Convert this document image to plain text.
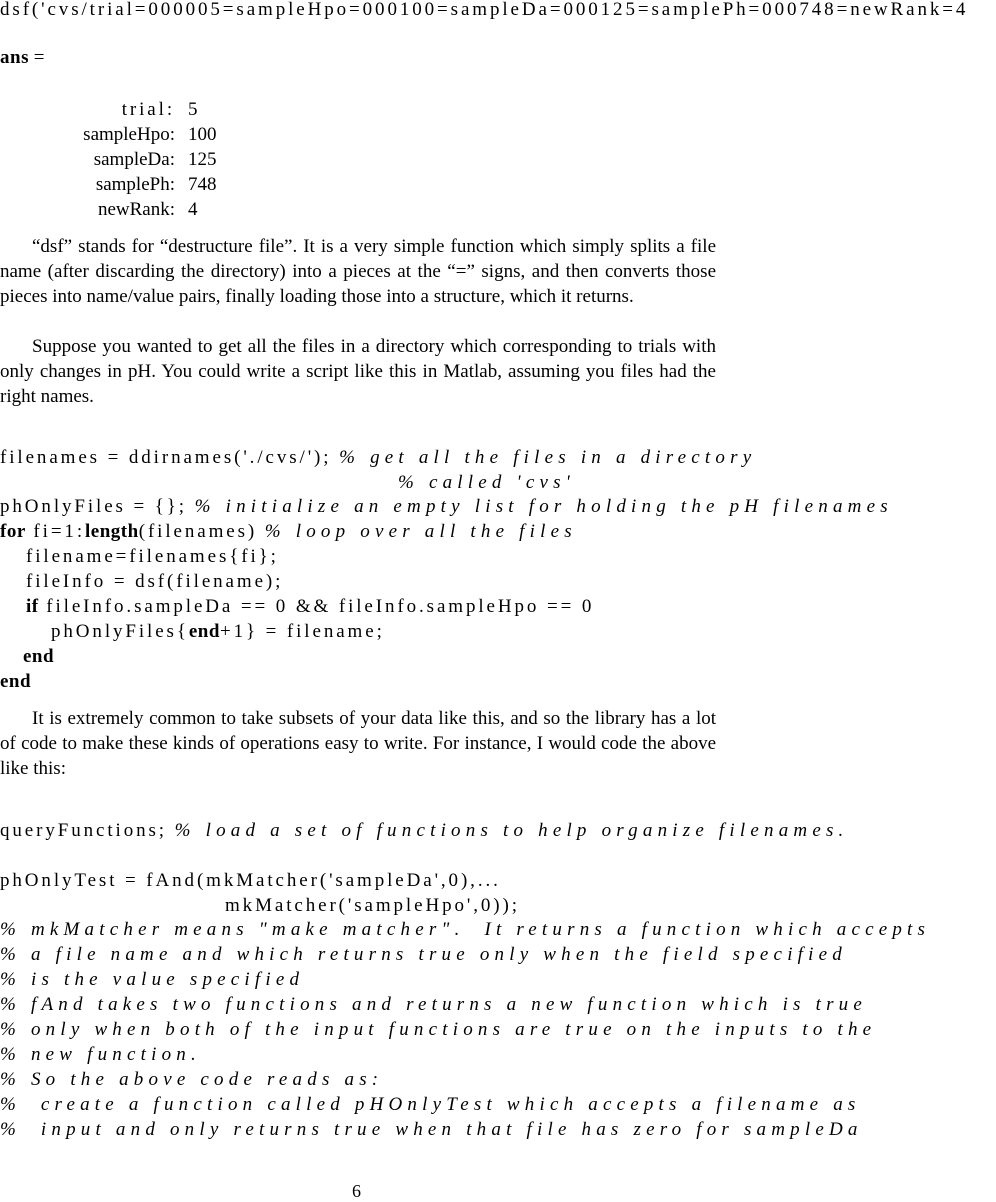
dsf('cvs/trial=000005=sampleHpo=000100=sampleDa=000125=samplePh=000748=newRank=4
ans =
trial: 5
sampleHpo: 100
sampleDa: 125
samplePh: 748
newRank: 4
“dsf” stands for “destructure file”. It is a very simple function which simply splits a file name (after discarding the directory) into a pieces at the “=” signs, and then converts those pieces into name/value pairs, finally loading those into a structure, which it returns.
Suppose you wanted to get all the files in a directory which corresponding to trials with only changes in pH. You could write a script like this in Matlab, assuming you files had the right names.
filenames = ddirnames('./cvs/'); % get all the files in a directory
% called 'cvs'
phOnlyFiles = {}; % initialize an empty list for holding the pH filenames
for fi=1:length(filenames) % loop over all the files
filename=filenames{fi};
fileInfo = dsf(filename);
if fileInfo.sampleDa == 0 && fileInfo.sampleHpo == 0
phOnlyFiles{end+1} = filename;
end
end
It is extremely common to take subsets of your data like this, and so the library has a lot of code to make these kinds of operations easy to write. For instance, I would code the above like this:
queryFunctions; % load a set of functions to help organize filenames.
phOnlyTest = fAnd(mkMatcher('sampleDa',0),...
mkMatcher('sampleHpo',0));
% mkMatcher means "make matcher".  It returns a function which accepts
% a file name and which returns true only when the field specified
% is the value specified
% fAnd takes two functions and returns a new function which is true
% only when both of the input functions are true on the inputs to the
% new function.
% So the above code reads as:
%  create a function called pHOnlyTest which accepts a filename as
%  input and only returns true when that file has zero for sampleDa
6
